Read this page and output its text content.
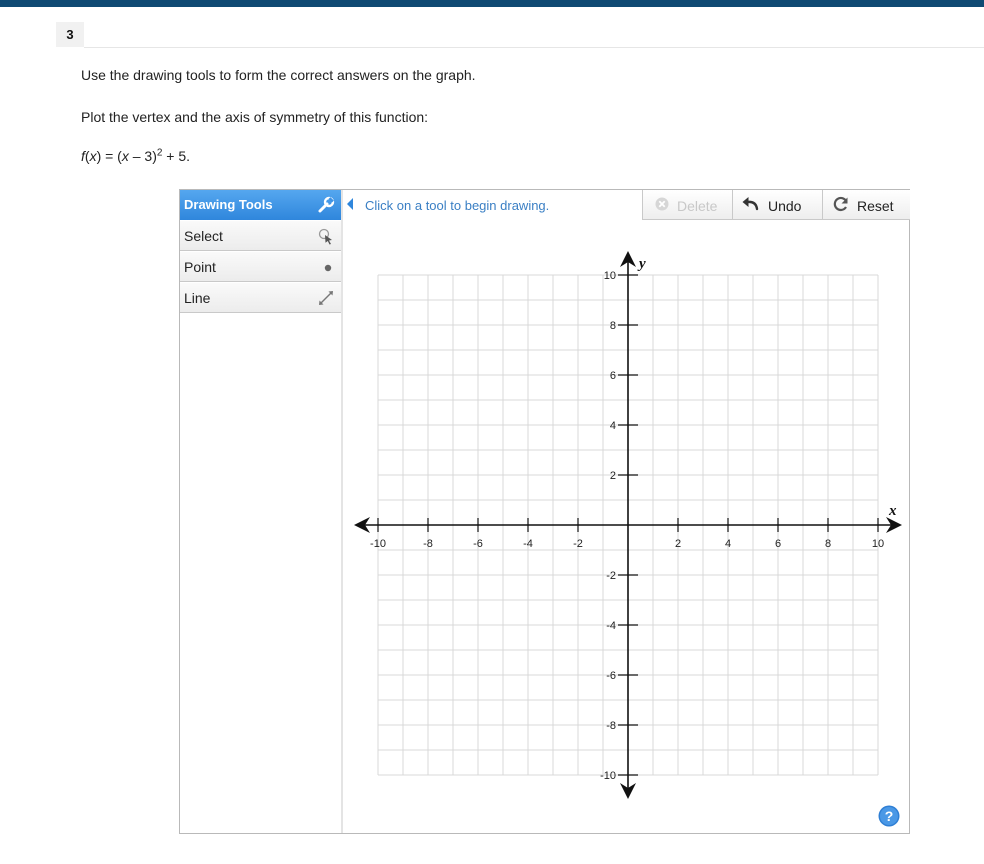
3
Use the drawing tools to form the correct answers on the graph.
Plot the vertex and the axis of symmetry of this function:
f(x) = (x – 3)$^2$ + 5.
Drawing Tools
Select
Point
Line
Click on a tool to begin drawing.	Delete	Undo	Reset
-10	-8	-6	-4	-2	2	4	6	8	10
10
8
6
4
2
-2
-4
-6
-8
-10
x
y
?
